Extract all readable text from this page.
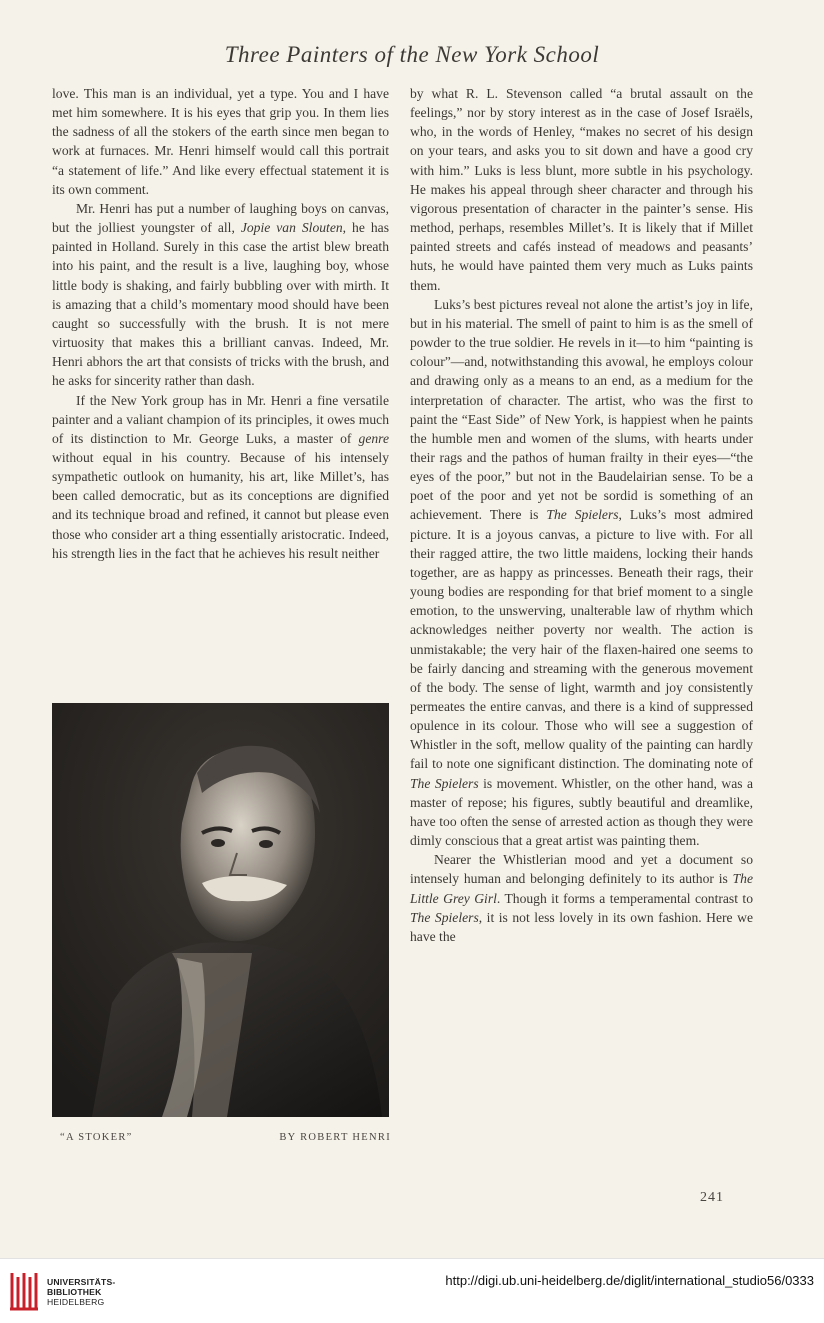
Three Painters of the New York School

love. This man is an individual, yet a type. You and I have met him somewhere. It is his eyes that grip you. In them lies the sadness of all the stokers of the earth since men began to work at furnaces. Mr. Henri himself would call this portrait “a statement of life.” And like every effectual statement it is its own comment.

Mr. Henri has put a number of laughing boys on canvas, but the jolliest youngster of all, Jopie van Slouten, he has painted in Holland. Surely in this case the artist blew breath into his paint, and the result is a live, laughing boy, whose little body is shaking, and fairly bubbling over with mirth. It is amazing that a child’s momentary mood should have been caught so successfully with the brush. It is not mere virtuosity that makes this a brilliant canvas. Indeed, Mr. Henri abhors the art that consists of tricks with the brush, and he asks for sincerity rather than dash.

If the New York group has in Mr. Henri a fine versatile painter and a valiant champion of its principles, it owes much of its distinction to Mr. George Luks, a master of genre without equal in his country. Because of his intensely sympathetic outlook on humanity, his art, like Millet’s, has been called democratic, but as its conceptions are dignified and its technique broad and refined, it cannot but please even those who consider art a thing essentially aristocratic. Indeed, his strength lies in the fact that he achieves his result neither

“A STOKER”	BY ROBERT HENRI

by what R. L. Stevenson called “a brutal assault on the feelings,” nor by story interest as in the case of Josef Israëls, who, in the words of Henley, “makes no secret of his design on your tears, and asks you to sit down and have a good cry with him.” Luks is less blunt, more subtle in his psychology. He makes his appeal through sheer character and through his vigorous presentation of character in the painter’s sense. His method, perhaps, resembles Millet’s. It is likely that if Millet painted streets and cafés instead of meadows and peasants’ huts, he would have painted them very much as Luks paints them.

Luks’s best pictures reveal not alone the artist’s joy in life, but in his material. The smell of paint to him is as the smell of powder to the true soldier. He revels in it—to him “painting is colour”—and, notwithstanding this avowal, he employs colour and drawing only as a means to an end, as a medium for the interpretation of character. The artist, who was the first to paint the “East Side” of New York, is happiest when he paints the humble men and women of the slums, with hearts under their rags and the pathos of human frailty in their eyes—“the eyes of the poor,” but not in the Baudelairian sense. To be a poet of the poor and yet not be sordid is something of an achievement. There is The Spielers, Luks’s most admired picture. It is a joyous canvas, a picture to live with. For all their ragged attire, the two little maidens, locking their hands together, are as happy as princesses. Beneath their rags, their young bodies are responding for that brief moment to a single emotion, to the unswerving, unalterable law of rhythm which acknowledges neither poverty nor wealth. The action is unmistakable; the very hair of the flaxen-haired one seems to be fairly dancing and streaming with the generous movement of the body. The sense of light, warmth and joy consistently permeates the entire canvas, and there is a kind of suppressed opulence in its colour. Those who will see a suggestion of Whistler in the soft, mellow quality of the painting can hardly fail to note one significant distinction. The dominating note of The Spielers is movement. Whistler, on the other hand, was a master of repose; his figures, subtly beautiful and dreamlike, have too often the sense of arrested action as though they were dimly conscious that a great artist was painting them.

Nearer the Whistlerian mood and yet a document so intensely human and belonging definitely to its author is The Little Grey Girl. Though it forms a temperamental contrast to The Spielers, it is not less lovely in its own fashion. Here we have the

241
UNIVERSITÄTS-
BIBLIOTHEK
HEIDELBERG
http://digi.ub.uni-heidelberg.de/diglit/international_studio56/0333
